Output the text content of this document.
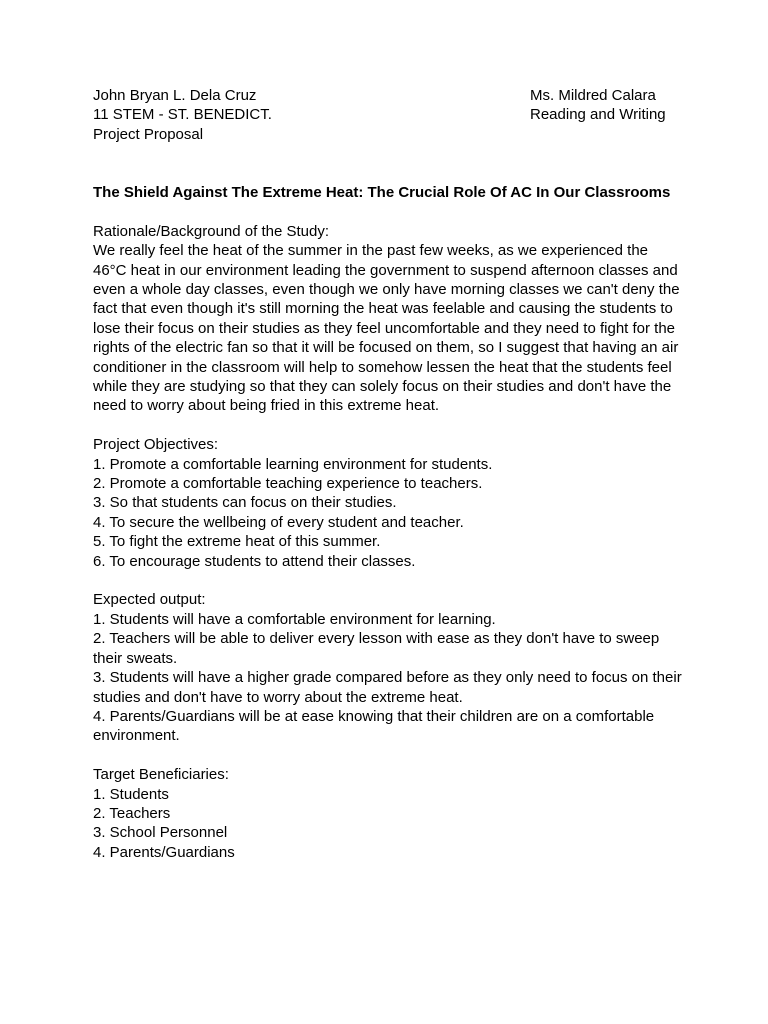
John Bryan L. Dela Cruz
11 STEM - ST. BENEDICT.
Project Proposal
Ms. Mildred Calara
Reading and Writing
The Shield Against The Extreme Heat: The Crucial Role Of AC In Our Classrooms
Rationale/Background of the Study:

We really feel the heat of the summer in the past few weeks, as we experienced the 46°C heat in our environment leading the government to suspend afternoon classes and even a whole day classes, even though we only have morning classes we can't deny the fact that even though it's still morning the heat was feelable and causing the students to lose their focus on their studies as they feel uncomfortable and they need to fight for the rights of the electric fan so that it will be focused on them, so I suggest that having an air conditioner in the classroom will help to somehow lessen the heat that the students feel while they are studying so that they can solely focus on their studies and don't have the need to worry about being fried in this extreme heat.

Project Objectives:
1. Promote a comfortable learning environment for students.
2. Promote a comfortable teaching experience to teachers.
3. So that students can focus on their studies.
4. To secure the wellbeing of every student and teacher.
5. To fight the extreme heat of this summer.
6. To encourage students to attend their classes.
Expected output:
1. Students will have a comfortable environment for learning.
2. Teachers will be able to deliver every lesson with ease as they don't have to sweep their sweats.
3. Students will have a higher grade compared before as they only need to focus on their studies and don't have to worry about the extreme heat.
4. Parents/Guardians will be at ease knowing that their children are on a comfortable environment.
Target Beneficiaries:
1. Students
2. Teachers
3. School Personnel
4. Parents/Guardians
